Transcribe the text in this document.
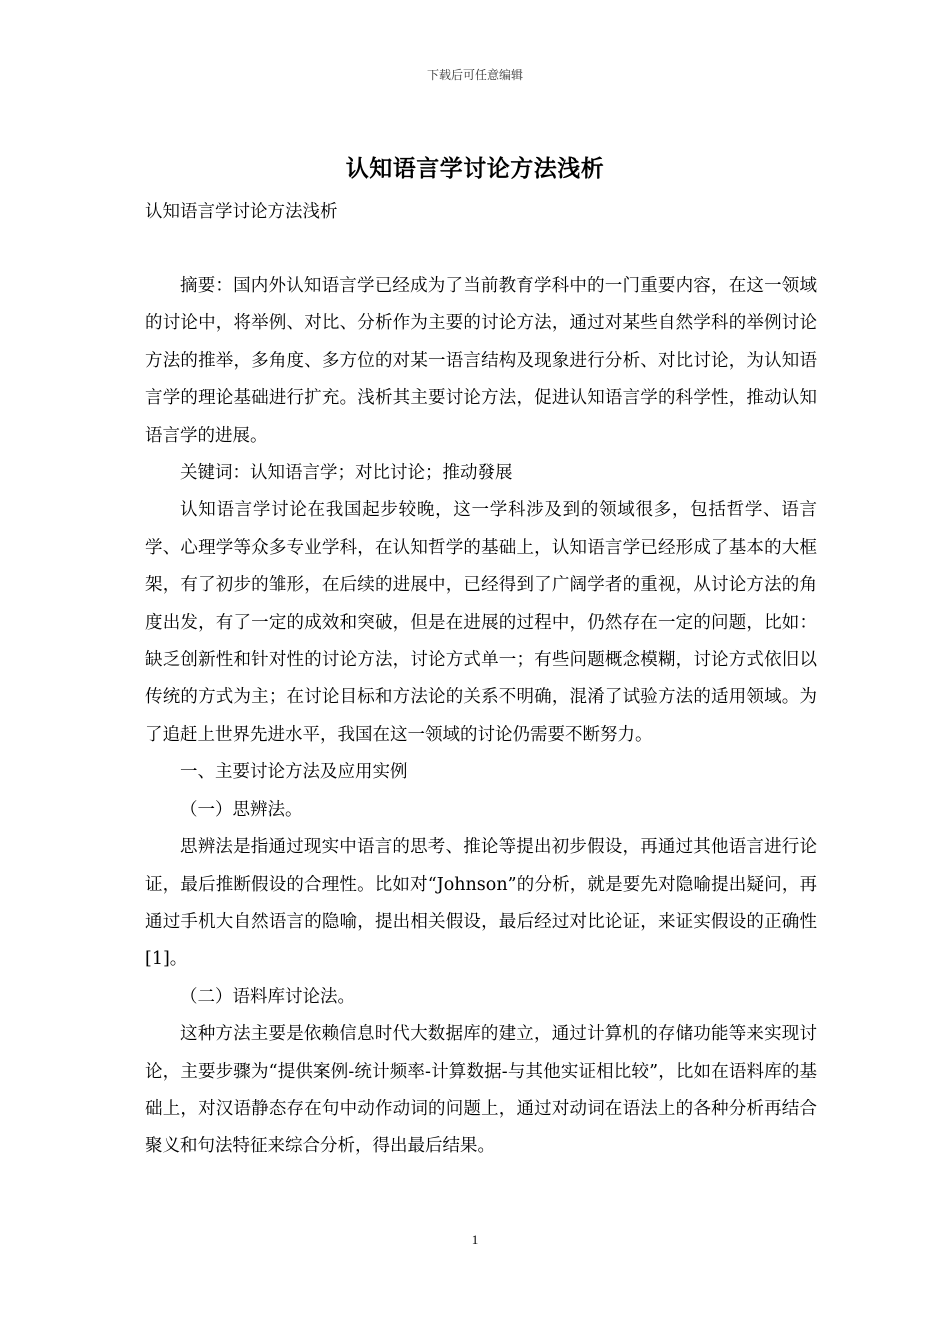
下载后可任意编辑
认知语言学讨论方法浅析
认知语言学讨论方法浅析

摘要：国内外认知语言学已经成为了当前教育学科中的一门重要内容，在这一领域的讨论中，将举例、对比、分析作为主要的讨论方法，通过对某些自然学科的举例讨论方法的推举，多角度、多方位的对某一语言结构及现象进行分析、对比讨论，为认知语言学的理论基础进行扩充。浅析其主要讨论方法，促进认知语言学的科学性，推动认知语言学的进展。

关键词：认知语言学；对比讨论；推动發展

认知语言学讨论在我国起步较晚，这一学科涉及到的领域很多，包括哲学、语言学、心理学等众多专业学科，在认知哲学的基础上，认知语言学已经形成了基本的大框架，有了初步的雏形，在后续的进展中，已经得到了广阔学者的重视，从讨论方法的角度出发，有了一定的成效和突破，但是在进展的过程中，仍然存在一定的问题，比如：缺乏创新性和针对性的讨论方法，讨论方式单一；有些问题概念模糊，讨论方式依旧以传统的方式为主；在讨论目标和方法论的关系不明确，混淆了试验方法的适用领域。为了追赶上世界先进水平，我国在这一领域的讨论仍需要不断努力。

一、主要讨论方法及应用实例

（一）思辨法。

思辨法是指通过现实中语言的思考、推论等提出初步假设，再通过其他语言进行论证，最后推断假设的合理性。比如对“Johnson”的分析，就是要先对隐喻提出疑问，再通过手机大自然语言的隐喻，提出相关假设，最后经过对比论证，来证实假设的正确性[1]。

（二）语料库讨论法。

这种方法主要是依赖信息时代大数据库的建立，通过计算机的存储功能等来实现讨论，主要步骤为“提供案例-统计频率-计算数据-与其他实证相比较”，比如在语料库的基础上，对汉语静态存在句中动作动词的问题上，通过对动词在语法上的各种分析再结合聚义和句法特征来综合分析，得出最后结果。

1
